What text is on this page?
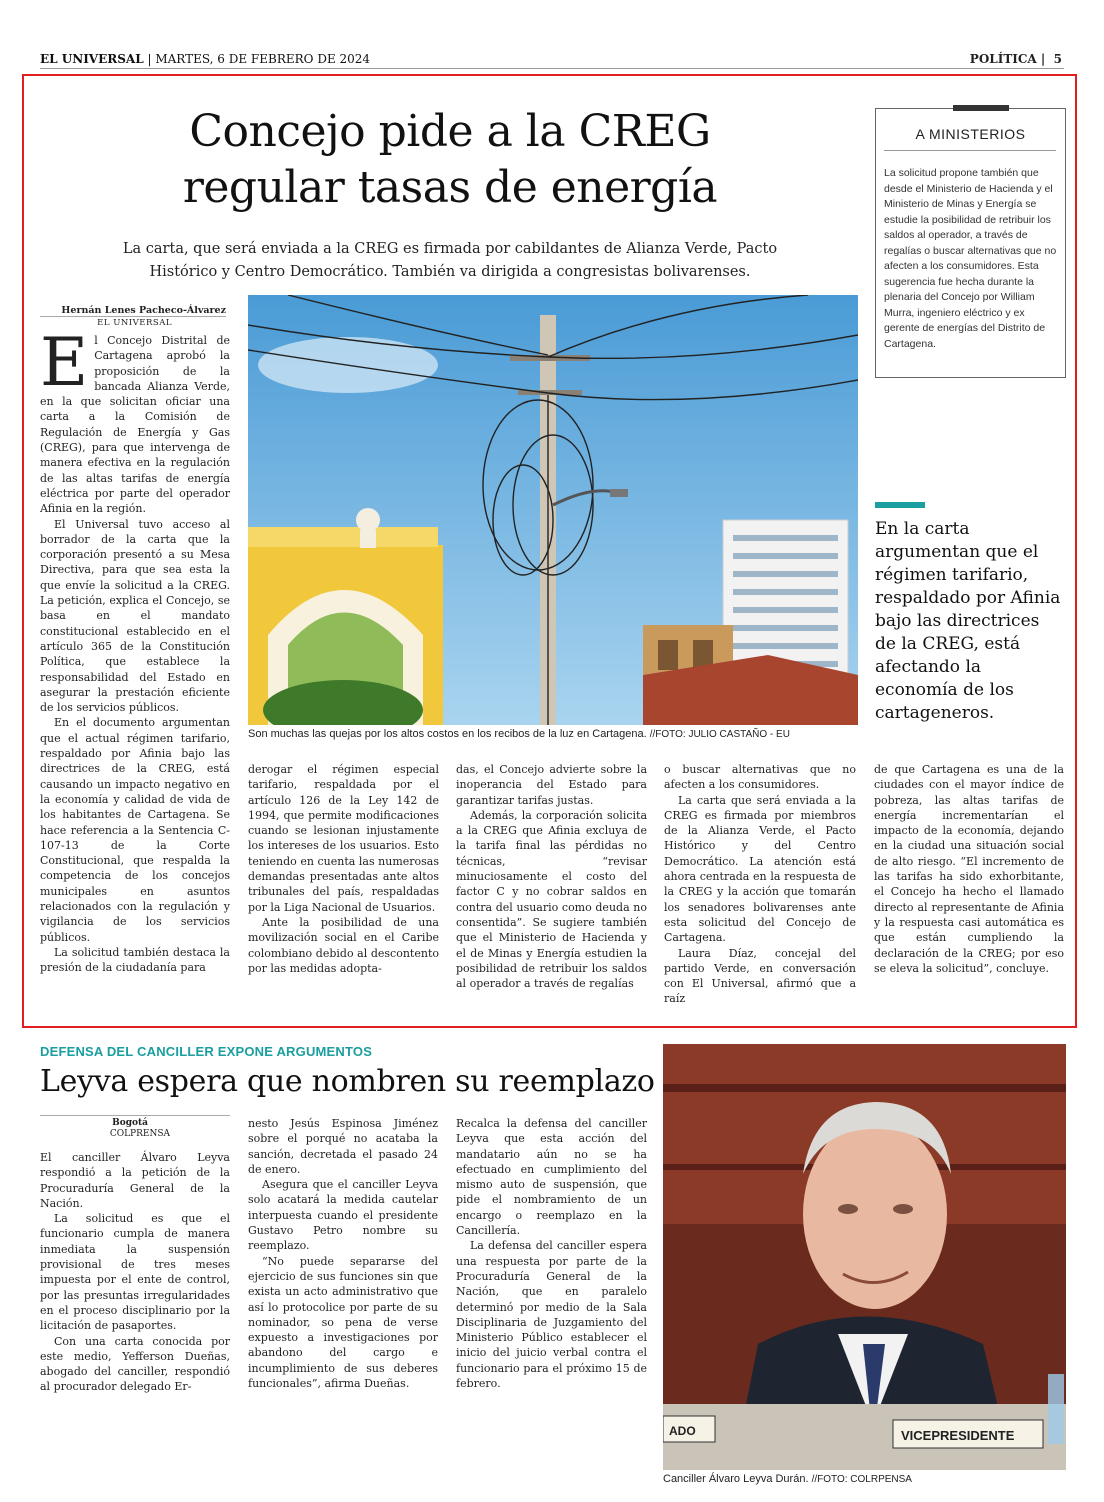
EL UNIVERSAL | MARTES, 6 DE FEBRERO DE 2024	POLÍTICA |  5
Concejo pide a la CREG
regular tasas de energía
La carta, que será enviada a la CREG es firmada por cabildantes de Alianza Verde, Pacto
Histórico y Centro Democrático. También va dirigida a congresistas bolivarenses.
A MINISTERIOS
La solicitud propone también que desde el Ministerio de Hacienda y el Ministerio de Minas y Energía se estudie la posibilidad de retribuir los saldos al operador, a través de regalías o buscar alternativas que no afecten a los consumidores. Esta sugerencia fue hecha durante la plenaria del Concejo por William Murra, ingeniero eléctrico y ex gerente de energías del Distrito de Cartagena.
Hernán Lenes Pacheco-Álvarez
EL UNIVERSAL

El Concejo Distrital de Cartagena aprobó la proposición de la bancada Alianza Verde, en la que solicitan oficiar una carta a la Comisión de Regulación de Energía y Gas (CREG), para que intervenga de manera efectiva en la regulación de las altas tarifas de energía eléctrica por parte del operador Afinia en la región.

El Universal tuvo acceso al borrador de la carta que la corporación presentó a su Mesa Directiva, para que sea esta la que envíe la solicitud a la CREG. La petición, explica el Concejo, se basa en el mandato constitucional establecido en el artículo 365 de la Constitución Política, que establece la responsabilidad del Estado en asegurar la prestación eficiente de los servicios públicos.

En el documento argumentan que el actual régimen tarifario, respaldado por Afinia bajo las directrices de la CREG, está causando un impacto negativo en la economía y calidad de vida de los habitantes de Cartagena. Se hace referencia a la Sentencia C-107-13 de la Corte Constitucional, que respalda la competencia de los concejos municipales en asuntos relacionados con la regulación y vigilancia de los servicios públicos.

La solicitud también destaca la presión de la ciudadanía para

Son muchas las quejas por los altos costos en los recibos de la luz en Cartagena. //FOTO: JULIO CASTAÑO - EU

derogar el régimen especial tarifario, respaldada por el artículo 126 de la Ley 142 de 1994, que permite modificaciones cuando se lesionan injustamente los intereses de los usuarios. Esto teniendo en cuenta las numerosas demandas presentadas ante altos tribunales del país, respaldadas por la Liga Nacional de Usuarios.

Ante la posibilidad de una movilización social en el Caribe colombiano debido al descontento por las medidas adopta-

das, el Concejo advierte sobre la inoperancia del Estado para garantizar tarifas justas.

Además, la corporación solicita a la CREG que Afinia excluya de la tarifa final las pérdidas no técnicas, “revisar minuciosamente el costo del factor C y no cobrar saldos en contra del usuario como deuda no consentida”. Se sugiere también que el Ministerio de Hacienda y el de Minas y Energía estudien la posibilidad de retribuir los saldos al operador a través de regalías

o buscar alternativas que no afecten a los consumidores.

La carta que será enviada a la CREG es firmada por miembros de la Alianza Verde, el Pacto Histórico y del Centro Democrático. La atención está ahora centrada en la respuesta de la CREG y la acción que tomarán los senadores bolivarenses ante esta solicitud del Concejo de Cartagena.

Laura Díaz, concejal del partido Verde, en conversación con El Universal, afirmó que a raíz

de que Cartagena es una de la ciudades con el mayor índice de pobreza, las altas tarifas de energía incrementarían el impacto de la economía, dejando en la ciudad una situación social de alto riesgo. “El incremento de las tarifas ha sido exhorbitante, el Concejo ha hecho el llamado directo al representante de Afinia y la respuesta casi automática es que están cumpliendo la declaración de la CREG; por eso se eleva la solicitud”, concluye.

En la carta argumentan que el régimen tarifario, respaldado por Afinia bajo las directrices de la CREG, está afectando la economía de los cartageneros.
DEFENSA DEL CANCILLER EXPONE ARGUMENTOS
Leyva espera que nombren su reemplazo
Bogotá
COLPRENSA

El canciller Álvaro Leyva respondió a la petición de la Procuraduría General de la Nación.

La solicitud es que el funcionario cumpla de manera inmediata la suspensión provisional de tres meses impuesta por el ente de control, por las presuntas irregularidades en el proceso disciplinario por la licitación de pasaportes.

Con una carta conocida por este medio, Yefferson Dueñas, abogado del canciller, respondió al procurador delegado Er-

nesto Jesús Espinosa Jiménez sobre el porqué no acataba la sanción, decretada el pasado 24 de enero.

Asegura que el canciller Leyva solo acatará la medida cautelar interpuesta cuando el presidente Gustavo Petro nombre su reemplazo.

“No puede separarse del ejercicio de sus funciones sin que exista un acto administrativo que así lo protocolice por parte de su nominador, so pena de verse expuesto a investigaciones por abandono del cargo e incumplimiento de sus deberes funcionales”, afirma Dueñas.

Recalca la defensa del canciller Leyva que esta acción del mandatario aún no se ha efectuado en cumplimiento del mismo auto de suspensión, que pide el nombramiento de un encargo o reemplazo en la Cancillería.

La defensa del canciller espera una respuesta por parte de la Procuraduría General de la Nación, que en paralelo determinó por medio de la Sala Disciplinaria de Juzgamiento del Ministerio Público establecer el inicio del juicio verbal contra el funcionario para el próximo 15 de febrero.

ADO	VICEPRESIDENTE
Canciller Álvaro Leyva Durán. //FOTO: COLRPENSA
